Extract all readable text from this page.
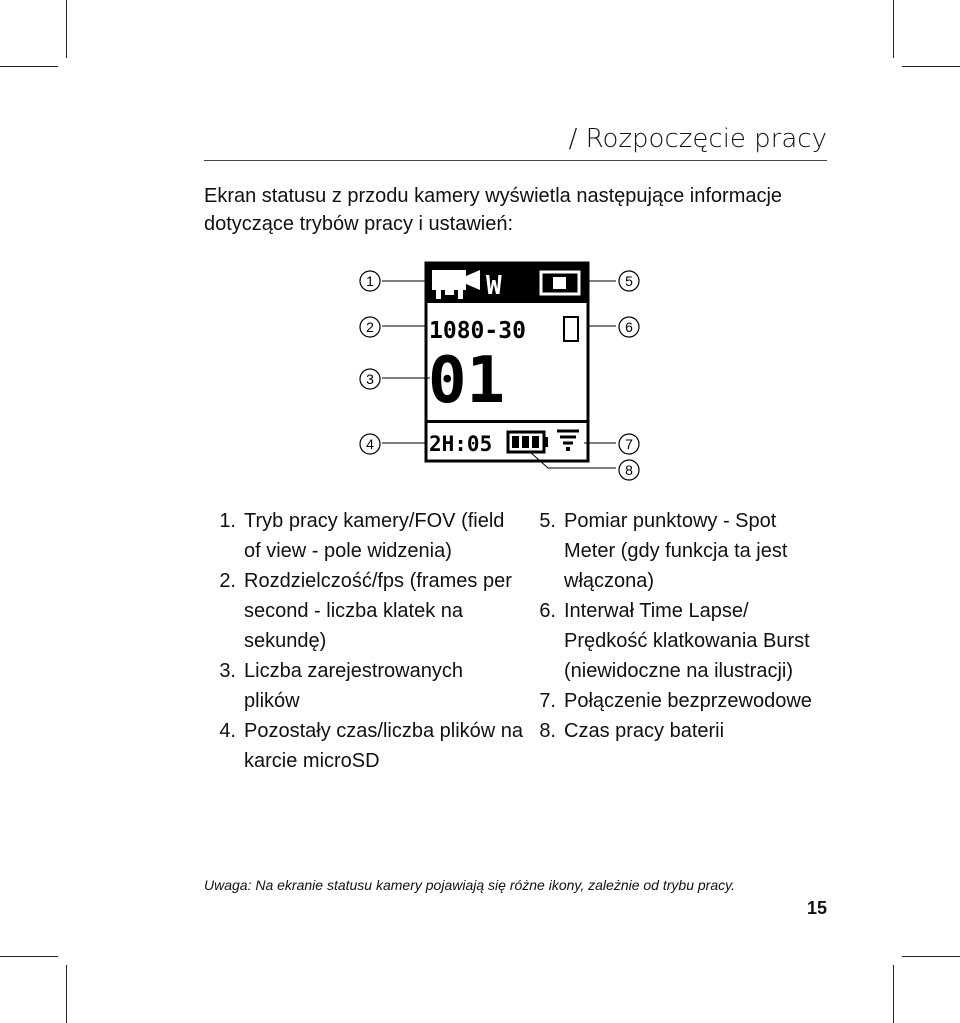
/ Rozpoczęcie pracy
Ekran statusu z przodu kamery wyświetla następujące informacje dotyczące trybów pracy i ustawień:
W
1080-30
01
2H:05
1
2
3
4
5
6
7
8
1. Tryb pracy kamery/FOV (field of view - pole widzenia)
2. Rozdzielczość/fps (frames per second - liczba klatek na sekundę)
3. Liczba zarejestrowanych plików
4. Pozostały czas/liczba plików na karcie microSD
5. Pomiar punktowy - Spot Meter (gdy funkcja ta jest włączona)
6. Interwał Time Lapse/ Prędkość klatkowania Burst (niewidoczne na ilustracji)
7. Połączenie bezprzewodowe
8. Czas pracy baterii
Uwaga: Na ekranie statusu kamery pojawiają się różne ikony, zależnie od trybu pracy.
15
